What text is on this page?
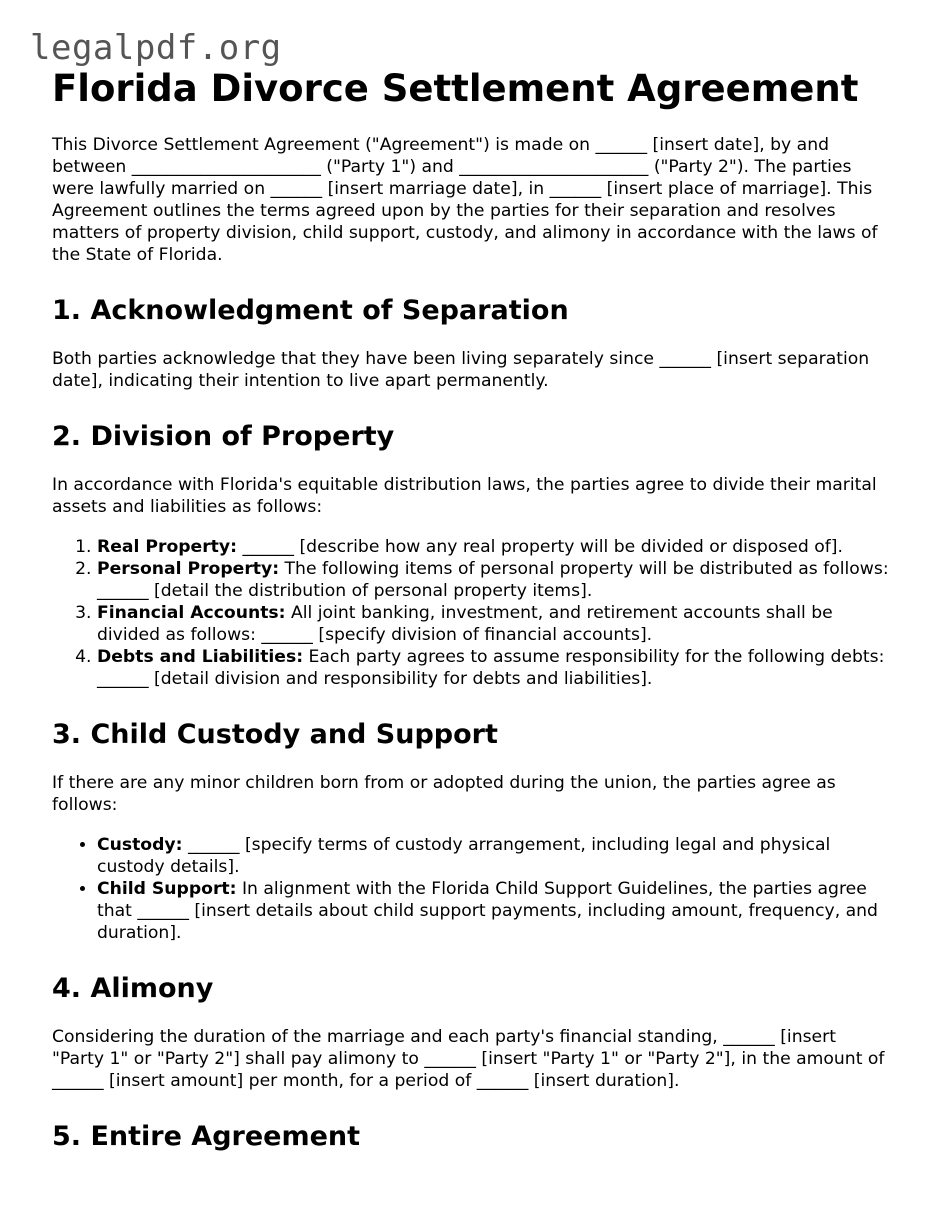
legalpdf.org
Florida Divorce Settlement Agreement

This Divorce Settlement Agreement ("Agreement") is made on ______ [insert date], by and between ______________________ ("Party 1") and ______________________ ("Party 2"). The parties were lawfully married on ______ [insert marriage date], in ______ [insert place of marriage]. This Agreement outlines the terms agreed upon by the parties for their separation and resolves matters of property division, child support, custody, and alimony in accordance with the laws of the State of Florida.

1. Acknowledgment of Separation

Both parties acknowledge that they have been living separately since ______ [insert separation date], indicating their intention to live apart permanently.

2. Division of Property

In accordance with Florida's equitable distribution laws, the parties agree to divide their marital assets and liabilities as follows:

1. Real Property: ______ [describe how any real property will be divided or disposed of].
2. Personal Property: The following items of personal property will be distributed as follows: ______ [detail the distribution of personal property items].
3. Financial Accounts: All joint banking, investment, and retirement accounts shall be divided as follows: ______ [specify division of financial accounts].
4. Debts and Liabilities: Each party agrees to assume responsibility for the following debts: ______ [detail division and responsibility for debts and liabilities].
3. Child Custody and Support

If there are any minor children born from or adopted during the union, the parties agree as follows:

• Custody: ______ [specify terms of custody arrangement, including legal and physical custody details].
• Child Support: In alignment with the Florida Child Support Guidelines, the parties agree that ______ [insert details about child support payments, including amount, frequency, and duration].
4. Alimony

Considering the duration of the marriage and each party's financial standing, ______ [insert "Party 1" or "Party 2"] shall pay alimony to ______ [insert "Party 1" or "Party 2"], in the amount of ______ [insert amount] per month, for a period of ______ [insert duration].

5. Entire Agreement
